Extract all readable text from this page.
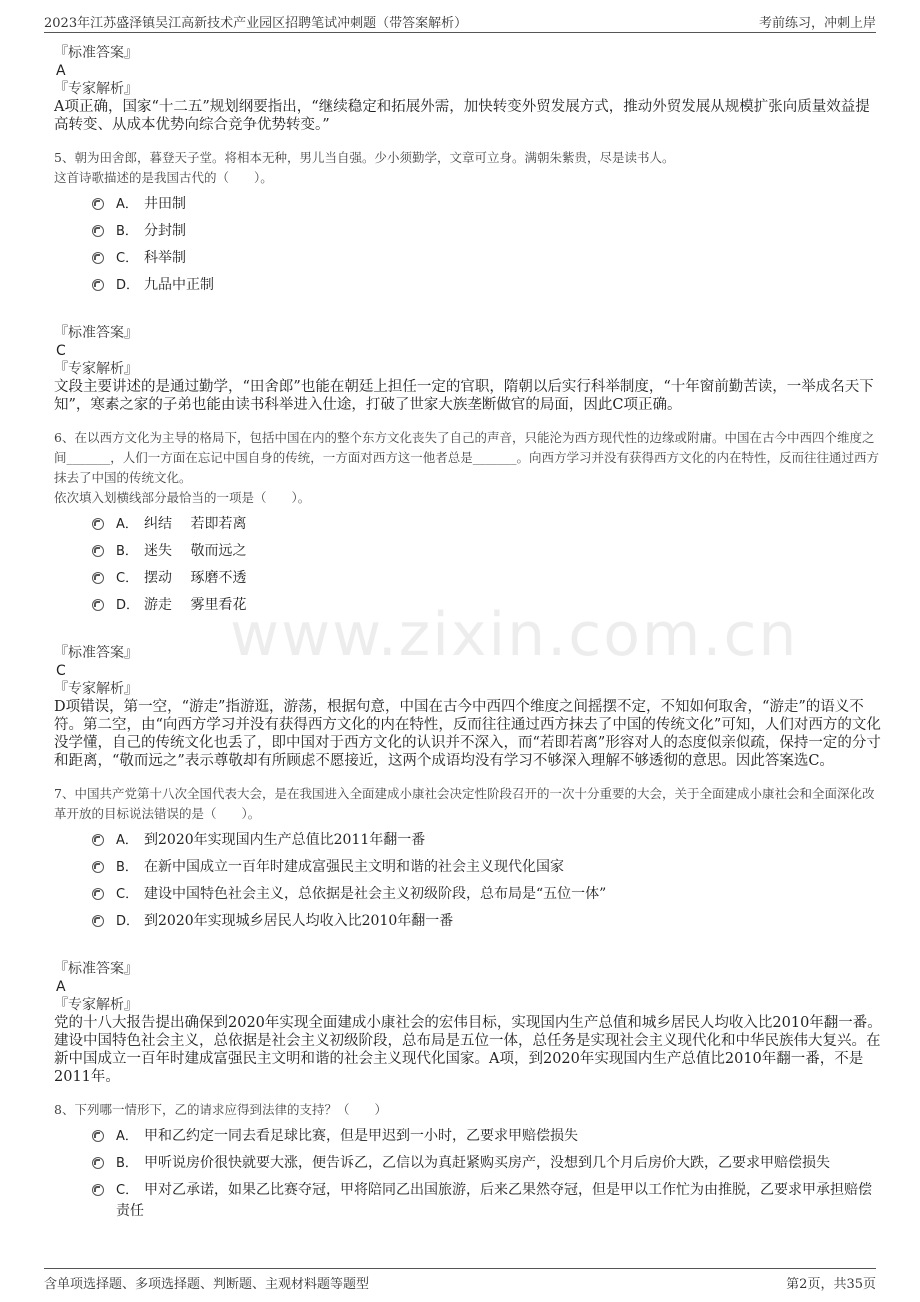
2023年江苏盛泽镇吴江高新技术产业园区招聘笔试冲刺题（带答案解析）	考前练习，冲刺上岸
www.zixin.com.cn
『标准答案』
A
『专家解析』
A项正确，国家“十二五”规划纲要指出，“继续稳定和拓展外需，加快转变外贸发展方式，推动外贸发展从规模扩张向质量效益提高转变、从成本优势向综合竞争优势转变。”
5、朝为田舍郎，暮登天子堂。将相本无种，男儿当自强。少小须勤学，文章可立身。满朝朱紫贵，尽是读书人。
这首诗歌描述的是我国古代的（　　）。
A． 井田制
B． 分封制
C． 科举制
D． 九品中正制
『标准答案』
C
『专家解析』
文段主要讲述的是通过勤学，“田舍郎”也能在朝廷上担任一定的官职，隋朝以后实行科举制度，“十年窗前勤苦读，一举成名天下知”，寒素之家的子弟也能由读书科举进入仕途，打破了世家大族垄断做官的局面，因此C项正确。
6、在以西方文化为主导的格局下，包括中国在内的整个东方文化丧失了自己的声音，只能沦为西方现代性的边缘或附庸。中国在古今中西四个维度之间_______，人们一方面在忘记中国自身的传统，一方面对西方这一他者总是_______。向西方学习并没有获得西方文化的内在特性，反而往往通过西方抹去了中国的传统文化。
依次填入划横线部分最恰当的一项是（　　）。
A． 纠结　 若即若离
B． 迷失　 敬而远之
C． 摆动　 琢磨不透
D． 游走　 雾里看花
『标准答案』
C
『专家解析』
D项错误，第一空，“游走”指游逛，游荡，根据句意，中国在古今中西四个维度之间摇摆不定，不知如何取舍，“游走”的语义不符。第二空，由“向西方学习并没有获得西方文化的内在特性，反而往往通过西方抹去了中国的传统文化”可知，人们对西方的文化没学懂，自己的传统文化也丢了，即中国对于西方文化的认识并不深入，而“若即若离”形容对人的态度似亲似疏，保持一定的分寸和距离，“敬而远之”表示尊敬却有所顾虑不愿接近，这两个成语均没有学习不够深入理解不够透彻的意思。因此答案选C。
7、中国共产党第十八次全国代表大会，是在我国进入全面建成小康社会决定性阶段召开的一次十分重要的大会，关于全面建成小康社会和全面深化改革开放的目标说法错误的是（　　）。
A． 到2020年实现国内生产总值比2011年翻一番
B． 在新中国成立一百年时建成富强民主文明和谐的社会主义现代化国家
C． 建设中国特色社会主义，总依据是社会主义初级阶段，总布局是“五位一体”
D． 到2020年实现城乡居民人均收入比2010年翻一番
『标准答案』
A
『专家解析』
党的十八大报告提出确保到2020年实现全面建成小康社会的宏伟目标，实现国内生产总值和城乡居民人均收入比2010年翻一番。建设中国特色社会主义，总依据是社会主义初级阶段，总布局是五位一体，总任务是实现社会主义现代化和中华民族伟大复兴。在新中国成立一百年时建成富强民主文明和谐的社会主义现代化国家。A项，到2020年实现国内生产总值比2010年翻一番，不是2011年。
8、下列哪一情形下，乙的请求应得到法律的支持？（　　）
A． 甲和乙约定一同去看足球比赛，但是甲迟到一小时，乙要求甲赔偿损失
B． 甲听说房价很快就要大涨，便告诉乙，乙信以为真赶紧购买房产，没想到几个月后房价大跌，乙要求甲赔偿损失
C． 甲对乙承诺，如果乙比赛夺冠，甲将陪同乙出国旅游，后来乙果然夺冠，但是甲以工作忙为由推脱，乙要求甲承担赔偿责任
含单项选择题、多项选择题、判断题、主观材料题等题型	第2页，共35页
